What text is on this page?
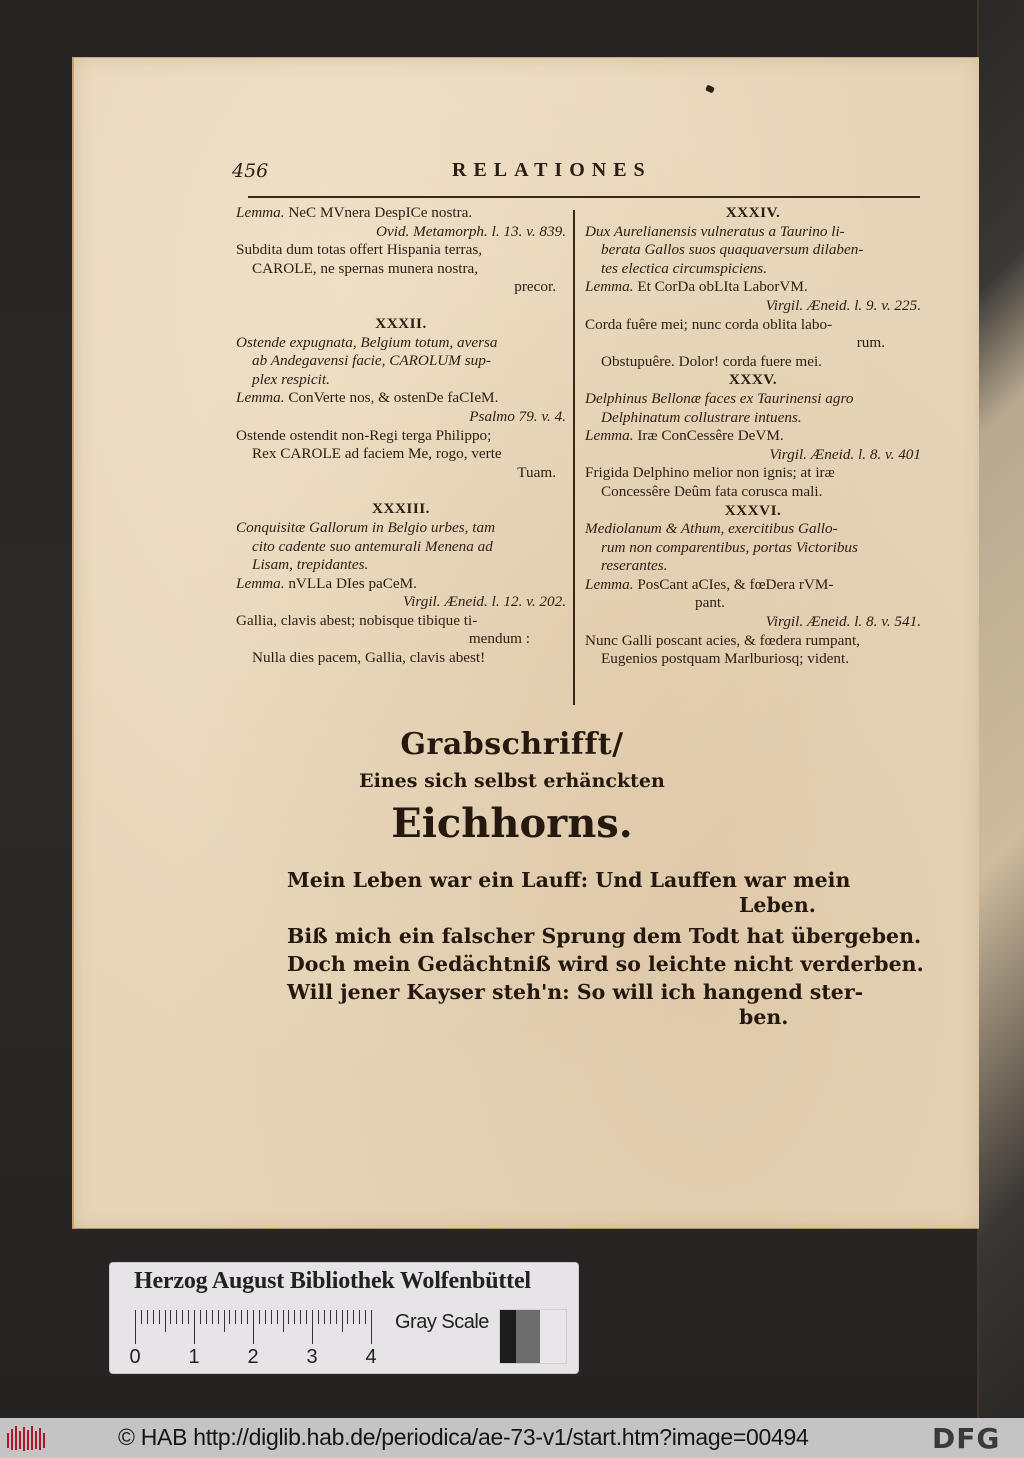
456	RELATIONES
Lemma. NeC MVnera DespICe nostra.
Ovid. Metamorph. l. 13. v. 839.
Subdita dum totas offert Hispania terras,
CAROLE, ne spernas munera nostra,
precor.
XXXII.
Ostende expugnata, Belgium totum, aversa
ab Andegavensi facie, CAROLUM sup-
plex respicit.
Lemma. ConVerte nos, & ostenDe faCIeM.
Psalmo 79. v. 4.
Ostende ostendit non-Regi terga Philippo;
Rex CAROLE ad faciem Me, rogo, verte
Tuam.
XXXIII.
Conquisitæ Gallorum in Belgio urbes, tam
cito cadente suo antemurali Menena ad
Lisam, trepidantes.
Lemma. nVLLa DIes paCeM.
Virgil. Æneid. l. 12. v. 202.
Gallia, clavis abest; nobisque tibique ti-
mendum :
Nulla dies pacem, Gallia, clavis abest!
XXXIV.
Dux Aurelianensis vulneratus a Taurino li-
berata Gallos suos quaquaversum dilaben-
tes electica circumspiciens.
Lemma. Et CorDa obLIta LaborVM.
Virgil. Æneid. l. 9. v. 225.
Corda fuêre mei; nunc corda oblita labo-
rum.
Obstupuêre. Dolor! corda fuere mei.
XXXV.
Delphinus Bellonæ faces ex Taurinensi agro
Delphinatum collustrare intuens.
Lemma. Iræ ConCessêre DeVM.
Virgil. Æneid. l. 8. v. 401
Frigida Delphino melior non ignis; at iræ
Concessêre Deûm fata corusca mali.
XXXVI.
Mediolanum & Athum, exercitibus Gallo-
rum non comparentibus, portas Victoribus
reserantes.
Lemma. PosCant aCIes, & fœDera rVM-
pant.
Virgil. Æneid. l. 8. v. 541.
Nunc Galli poscant acies, & fœdera rumpant,
Eugenios postquam Marlburiosq; vident.
Grabschrifft/
Eines sich selbst erhänckten
Eichhorns.
Mein Leben war ein Lauff: Und Lauffen war mein
Leben.
Biß mich ein falscher Sprung dem Todt hat übergeben.
Doch mein Gedächtniß wird so leichte nicht verderben.
Will jener Kayser steh'n: So will ich hangend ster-
ben.
Herzog August Bibliothek Wolfenbüttel
0 1 2 3 4
Gray Scale
© HAB http://diglib.hab.de/periodica/ae-73-v1/start.htm?image=00494	DFG
